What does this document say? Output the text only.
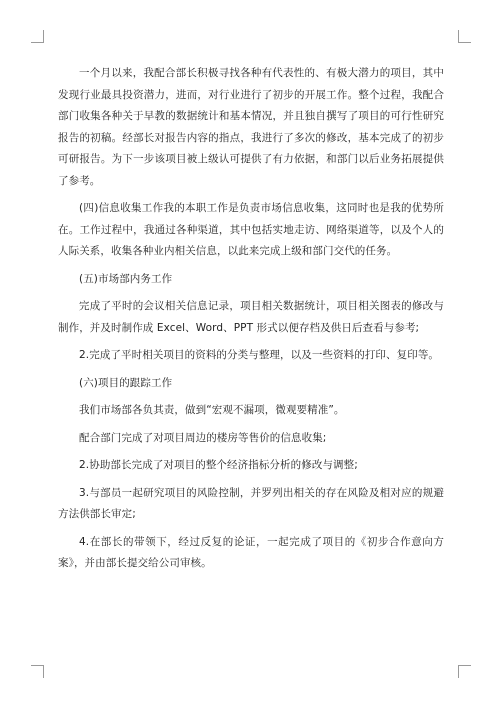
一个月以来，我配合部长积极寻找各种有代表性的、有极大潜力的项目，其中发现行业最具投资潜力，进而，对行业进行了初步的开展工作。整个过程，我配合部门收集各种关于早教的数据统计和基本情况，并且独自撰写了项目的可行性研究报告的初稿。经部长对报告内容的指点，我进行了多次的修改，基本完成了的初步可研报告。为下一步该项目被上级认可提供了有力依据，和部门以后业务拓展提供了参考。

(四)信息收集工作我的本职工作是负责市场信息收集，这同时也是我的优势所在。工作过程中，我通过各种渠道，其中包括实地走访、网络渠道等，以及个人的人际关系，收集各种业内相关信息，以此来完成上级和部门交代的任务。

(五)市场部内务工作

完成了平时的会议相关信息记录，项目相关数据统计，项目相关图表的修改与制作，并及时制作成 Excel、Word、PPT 形式以便存档及供日后查看与参考;

2.完成了平时相关项目的资料的分类与整理，以及一些资料的打印、复印等。

(六)项目的跟踪工作

我们市场部各负其责，做到“宏观不漏项，微观要精准”。

配合部门完成了对项目周边的楼房等售价的信息收集;

2.协助部长完成了对项目的整个经济指标分析的修改与调整;

3.与部员一起研究项目的风险控制，并罗列出相关的存在风险及相对应的规避方法供部长审定;

4.在部长的带领下，经过反复的论证，一起完成了项目的《初步合作意向方案》，并由部长提交给公司审核。
